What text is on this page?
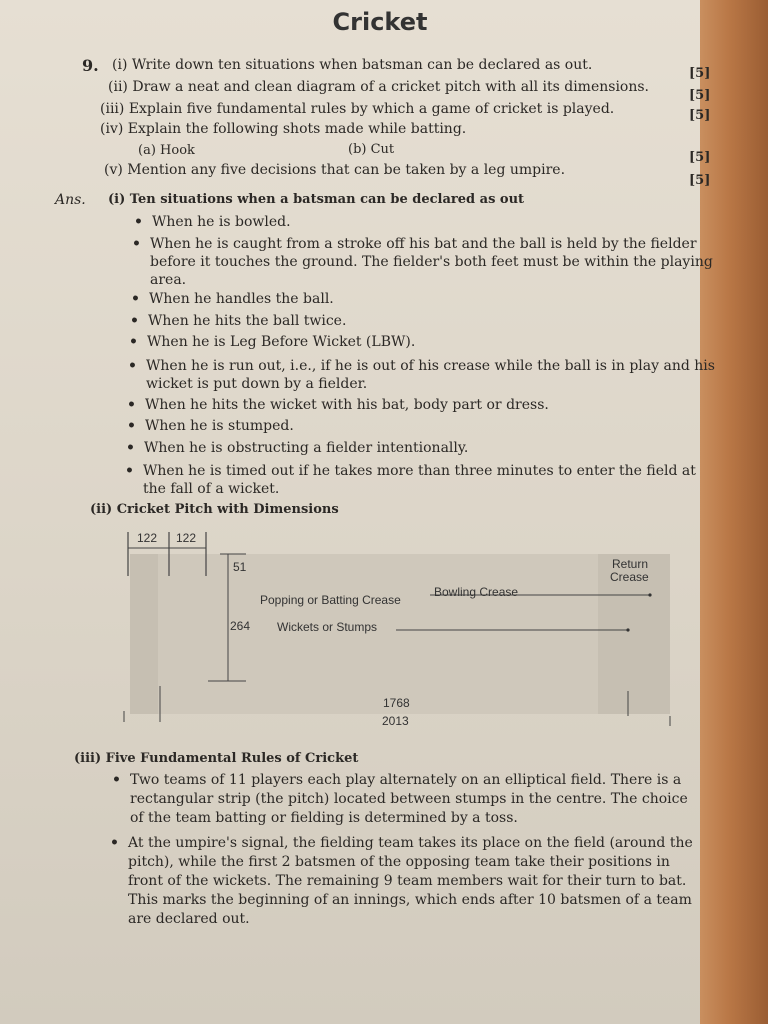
Cricket
9. (i) Write down ten situations when batsman can be declared as out.
[5]
(ii) Draw a neat and clean diagram of a cricket pitch with all its dimensions.
[5]
(iii) Explain five fundamental rules by which a game of cricket is played.	[5]
(iv) Explain the following shots made while batting.
(a) Hook	(b) Cut
[5]
(v) Mention any five decisions that can be taken by a leg umpire.
[5]
Ans. (i) Ten situations when a batsman can be declared as out
• When he is bowled.
• When he is caught from a stroke off his bat and the ball is held by the fielder
before it touches the ground. The fielder's both feet must be within the playing
area.
• When he handles the ball.
• When he hits the ball twice.
• When he is Leg Before Wicket (LBW).
• When he is run out, i.e., if he is out of his crease while the ball is in play and his
wicket is put down by a fielder.
• When he hits the wicket with his bat, body part or dress.
• When he is stumped.
• When he is obstructing a fielder intentionally.
• When he is timed out if he takes more than three minutes to enter the field at
the fall of a wicket.
(ii) Cricket Pitch with Dimensions
122 122
51
264
Popping or Batting Crease
Bowling Crease
Wickets or Stumps
Return
Crease
1768
2013
(iii) Five Fundamental Rules of Cricket
• Two teams of 11 players each play alternately on an elliptical field. There is a
rectangular strip (the pitch) located between stumps in the centre. The choice
of the team batting or fielding is determined by a toss.
• At the umpire's signal, the fielding team takes its place on the field (around the
pitch), while the first 2 batsmen of the opposing team take their positions in
front of the wickets. The remaining 9 team members wait for their turn to bat.
This marks the beginning of an innings, which ends after 10 batsmen of a team
are declared out.
